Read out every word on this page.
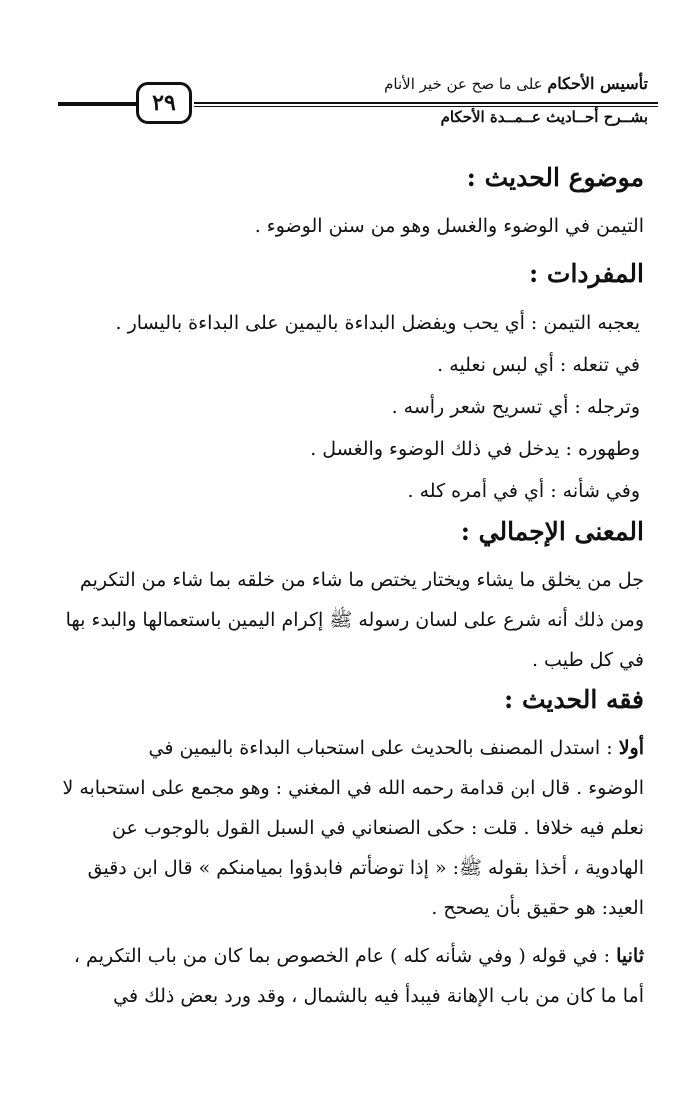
تأسيس الأحكام على ما صح عن خير الأنام
٢٩
بشــرح أحــاديث عــمــدة الأحكام
موضوع الحديث :

التيمن في الوضوء والغسل وهو من سنن الوضوء .

المفردات :

يعجبه التيمن : أي يحب ويفضل البداءة باليمين على البداءة باليسار .

في تنعله : أي لبس نعليه .

وترجله : أي تسريح شعر رأسه .

وطهوره : يدخل في ذلك الوضوء والغسل .

وفي شأنه : أي في أمره كله .

المعنى الإجمالي :

جل من يخلق ما يشاء ويختار يختص ما شاء من خلقه بما شاء من التكريم

ومن ذلك أنه شرع على لسان رسوله ﷺ إكرام اليمين باستعمالها والبدء بها

في كل طيب .

فقه الحديث :

أولا : استدل المصنف بالحديث على استحباب البداءة باليمين في

الوضوء . قال ابن قدامة رحمه الله في المغني : وهو مجمع على استحبابه لا

نعلم فيه خلافا . قلت : حكى الصنعاني في السبل القول بالوجوب عن

الهادوية ، أخذا بقوله ﷺ: « إذا توضأتم فابدؤوا بميامنكم » قال ابن دقيق

العيد: هو حقيق بأن يصحح .

ثانيا : في قوله ( وفي شأنه كله ) عام الخصوص بما كان من باب التكريم ،

أما ما كان من باب الإهانة فيبدأ فيه بالشمال ، وقد ورد بعض ذلك في
